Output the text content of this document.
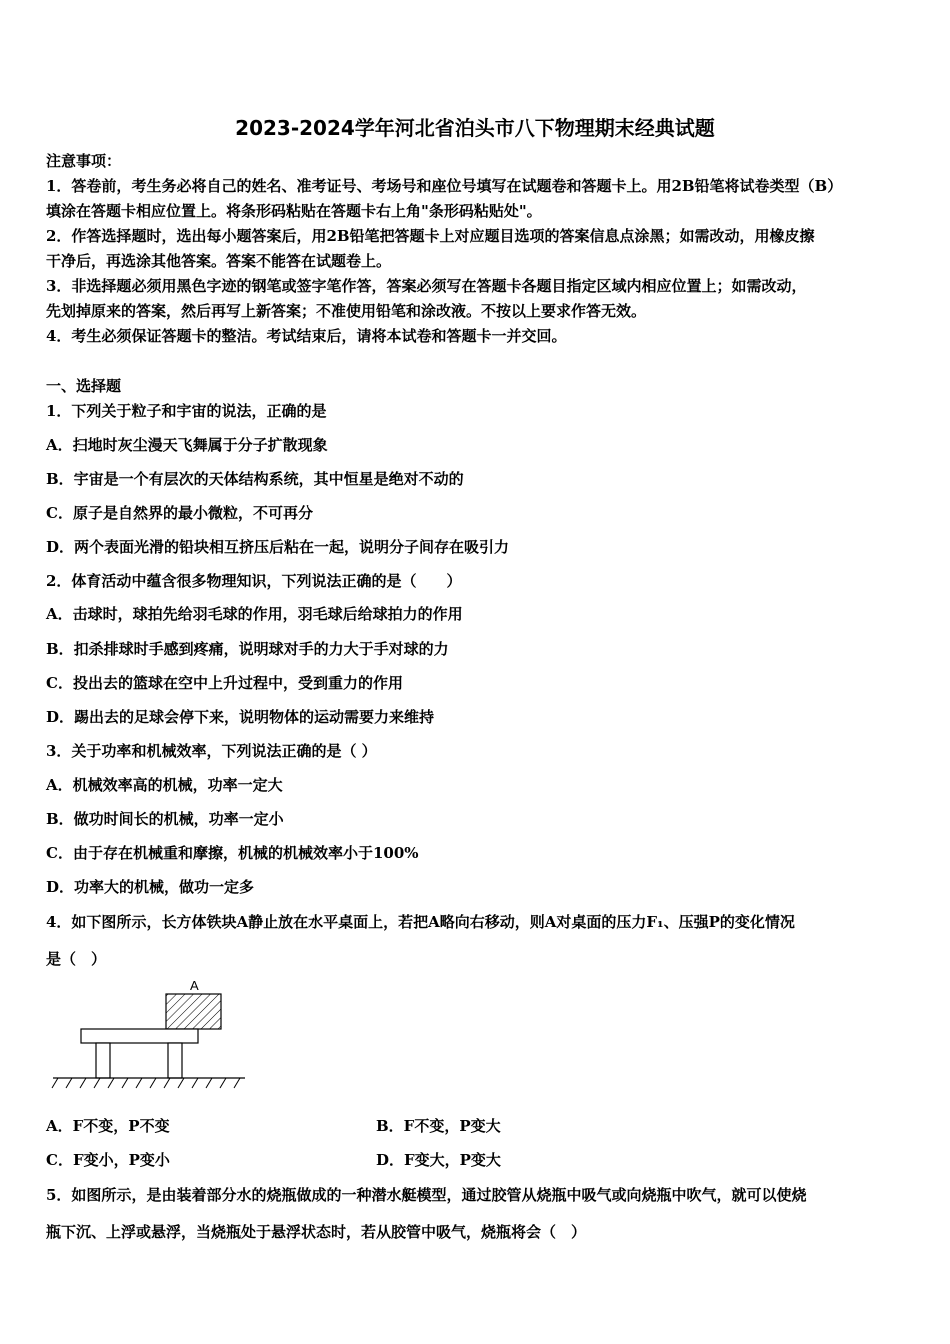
2023-2024学年河北省泊头市八下物理期末经典试题
注意事项：
1．答卷前，考生务必将自己的姓名、准考证号、考场号和座位号填写在试题卷和答题卡上。用2B铅笔将试卷类型（B）
填涂在答题卡相应位置上。将条形码粘贴在答题卡右上角"条形码粘贴处"。
2．作答选择题时，选出每小题答案后，用2B铅笔把答题卡上对应题目选项的答案信息点涂黑；如需改动，用橡皮擦
干净后，再选涂其他答案。答案不能答在试题卷上。
3．非选择题必须用黑色字迹的钢笔或签字笔作答，答案必须写在答题卡各题目指定区域内相应位置上；如需改动，
先划掉原来的答案，然后再写上新答案；不准使用铅笔和涂改液。不按以上要求作答无效。
4．考生必须保证答题卡的整洁。考试结束后，请将本试卷和答题卡一并交回。
一、选择题
1．下列关于粒子和宇宙的说法，正确的是
A．扫地时灰尘漫天飞舞属于分子扩散现象
B．宇宙是一个有层次的天体结构系统，其中恒星是绝对不动的
C．原子是自然界的最小微粒，不可再分
D．两个表面光滑的铅块相互挤压后粘在一起，说明分子间存在吸引力
2．体育活动中蕴含很多物理知识，下列说法正确的是（　　）
A．击球时，球拍先给羽毛球的作用，羽毛球后给球拍力的作用
B．扣杀排球时手感到疼痛，说明球对手的力大于手对球的力
C．投出去的篮球在空中上升过程中，受到重力的作用
D．踢出去的足球会停下来，说明物体的运动需要力来维持
3．关于功率和机械效率，下列说法正确的是（ ）
A．机械效率高的机械，功率一定大
B．做功时间长的机械，功率一定小
C．由于存在机械重和摩擦，机械的机械效率小于100%
D．功率大的机械，做功一定多
4．如下图所示，长方体铁块A静止放在水平桌面上，若把A略向右移动，则A对桌面的压力F₁、压强P的变化情况
是（　）
A
A．F不变，P不变	B．F不变，P变大
C．F变小，P变小	D．F变大，P变大
5．如图所示，是由装着部分水的烧瓶做成的一种潜水艇模型，通过胶管从烧瓶中吸气或向烧瓶中吹气，就可以使烧
瓶下沉、上浮或悬浮，当烧瓶处于悬浮状态时，若从胶管中吸气，烧瓶将会（　）
